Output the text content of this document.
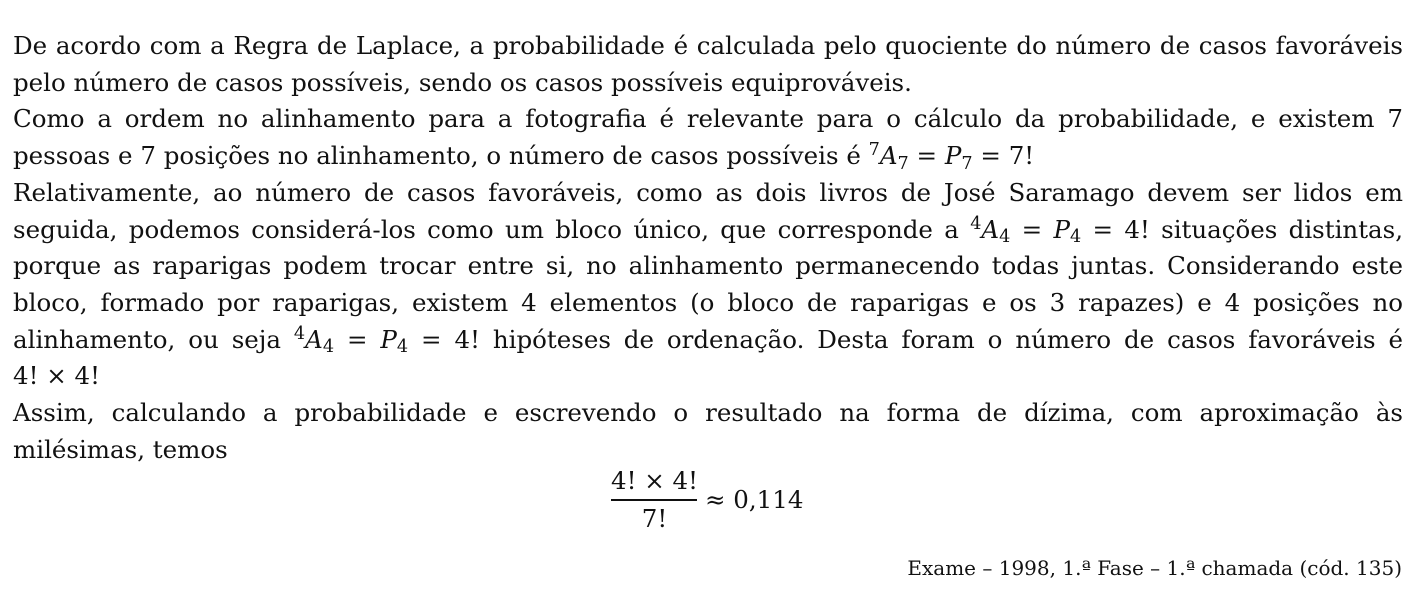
De acordo com a Regra de Laplace, a probabilidade é calculada pelo quociente do número de casos favoráveis pelo número de casos possíveis, sendo os casos possíveis equiprováveis.

Como a ordem no alinhamento para a fotografia é relevante para o cálculo da probabilidade, e existem 7 pessoas e 7 posições no alinhamento, o número de casos possíveis é $^7A_7 = P_7 = 7$!

Relativamente, ao número de casos favoráveis, como as dois livros de José Saramago devem ser lidos em seguida, podemos considerá-los como um bloco único, que corresponde a $^4A_4 = P_4 = 4$! situações distintas, porque as raparigas podem trocar entre si, no alinhamento permanecendo todas juntas. Considerando este bloco, formado por raparigas, existem 4 elementos (o bloco de raparigas e os 3 rapazes) e 4 posições no alinhamento, ou seja $^4A_4 = P_4 = 4$! hipóteses de ordenação. Desta foram o número de casos favoráveis é 4! × 4!

Assim, calculando a probabilidade e escrevendo o resultado na forma de dízima, com aproximação às milésimas, temos

$\frac{4! \times 4!}{7!} \approx 0,114$
Exame – 1998, 1.ª Fase – 1.ª chamada (cód. 135)
